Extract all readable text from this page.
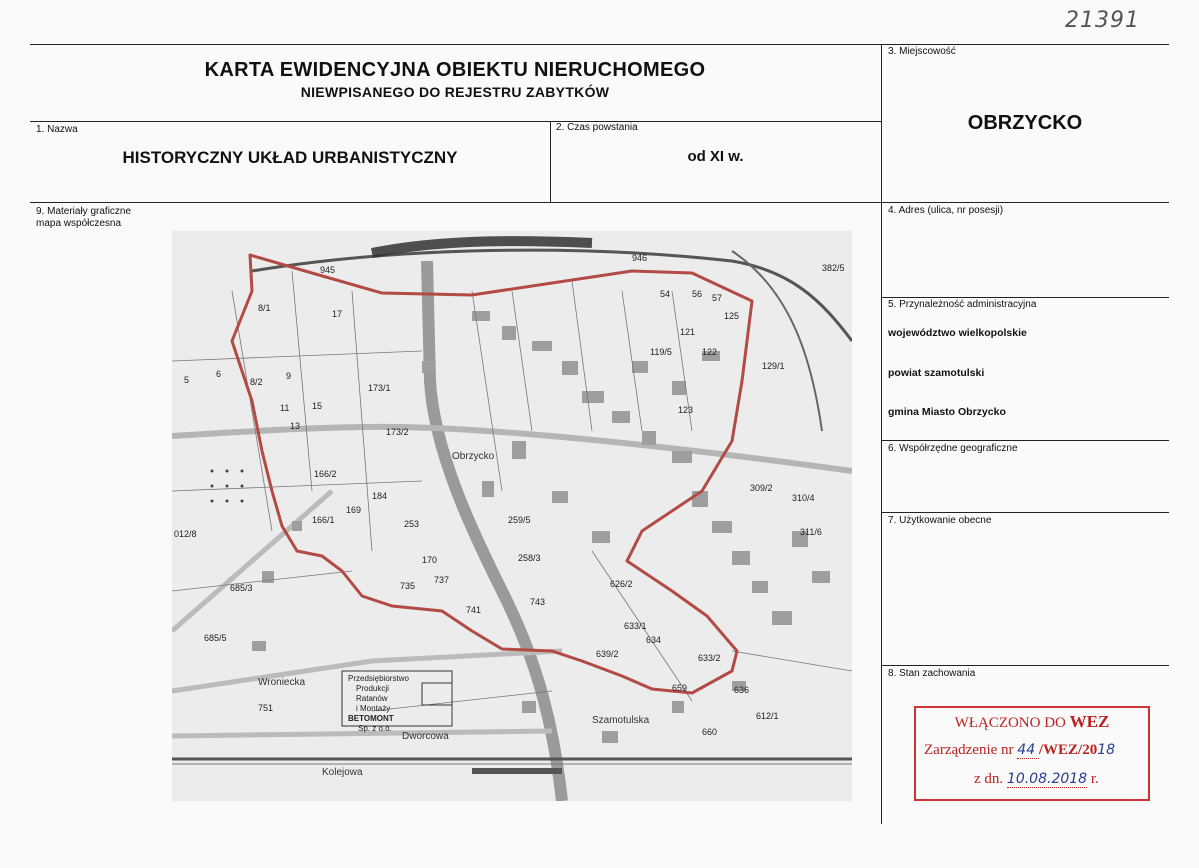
21391
KARTA EWIDENCYJNA OBIEKTU NIERUCHOMEGO
NIEWPISANEGO DO REJESTRU ZABYTKÓW
1. Nazwa
HISTORYCZNY UKŁAD URBANISTYCZNY
2. Czas powstania
od XI w.
3. Miejscowość
OBRZYCKO
4. Adres (ulica, nr posesji)
5. Przynależność administracyjna
województwo wielkopolskie
powiat szamotulski
gmina Miasto Obrzycko
6. Współrzędne geograficzne
7. Użytkowanie obecne
8. Stan zachowania
9. Materiały graficzne
mapa współczesna
945
946
54 56 57
8/1
17	125
121
122
119/5
5
6
8/2
9
173/1
173/2
123
13
15
11
166/2
184
253	259/5
258/3
166/1
169
170
626/2
743
741
737
735
633/1
634
639/2	633/2
659	636
612/1
660
751
685/5
685/3
012/8	311/6
309/2
310/4
382/5
129/1
Wroniecka
Dworcowa
Kolejowa
Szamotulska
Obrzycko
Przedsiębiorstwo
Produkcji
Ratanów
i Montaży
BETOMONT
Sp. z o.o.	WŁĄCZONO DO WEZ
Zarządzenie nr 44 /WEZ/2018
z dn. 10.08.2018 r.
